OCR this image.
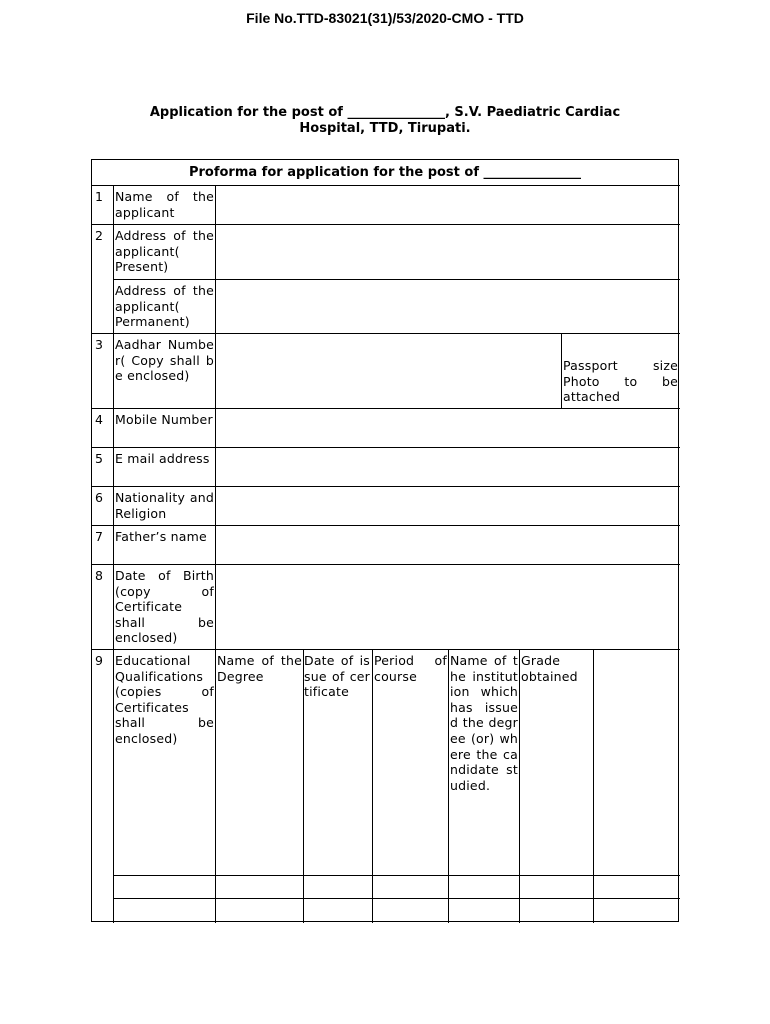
File No.TTD-83021(31)/53/2020-CMO - TTD
Application for the post of _______________, S.V. Paediatric Cardiac
Hospital, TTD, Tirupati.
Proforma for application for the post of _______________
1
2
3
4
5
6
7
8
9
Name of the applicant
Address of the applicant( Present)
Address of the applicant( Permanent)
Aadhar Number( Copy shall be enclosed)
Passport size Photo to be attached
Mobile Number
E mail address
Nationality and Religion
Father’s name
Date of Birth (copy of Certificate shall be enclosed)
Educational Qualifications (copies of Certificates shall be enclosed)
Name of the Degree
Date of issue of certificate
Period of course
Name of the institution which has issued the degree (or) where the candidate studied.
Grade obtained
